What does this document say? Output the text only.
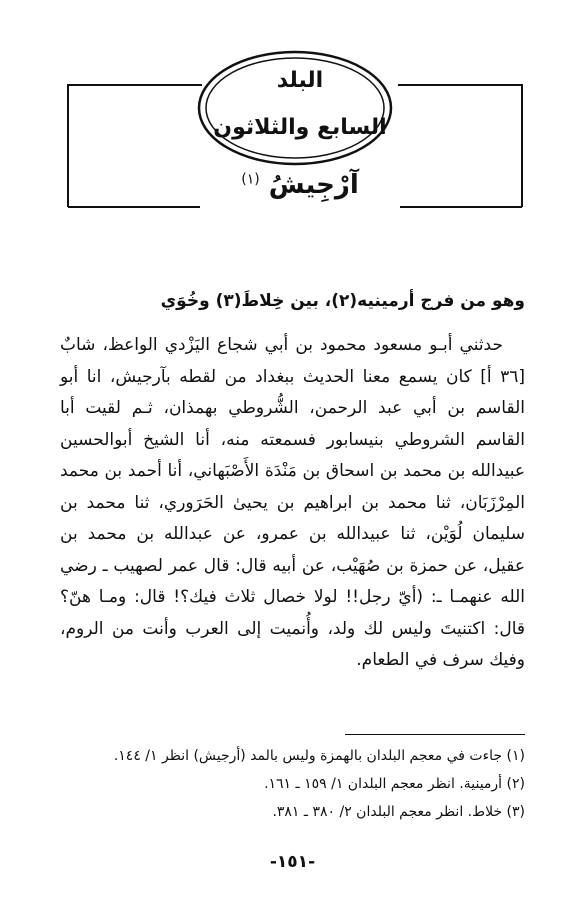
البلد
السابع والثلاثون
آرْجِيشُ $^{(١)}$

وهو من فرج أرمينيه(٢)، بين خِلاطَ(٣) وخُوَي

حدثني أبـو مسعود محمود بن أبي شجاع اليَزْدي الواعظ، شابٌ [٣٦ أ] كان يسمع معنا الحديث ببغداد من لقطه بآرجيش، انا أبو القاسم بن أبي عبد الرحمن، الشُّروطي بهمذان، ثـم لقيت أبا القاسم الشروطي بنيسابور فسمعته منه، أنا الشيخ أبوالحسين عبيدالله بن محمد بن اسحاق بن مَنْدَة الأَصْبَهاني، أنا أحمد بن محمد المِرْزَبَان، ثنا محمد بن ابراهيم بن يحيىٰ الحَرَوري، ثنا محمد بن سليمان لُوَيْن، ثنا عبيدالله بن عمرو، عن عبدالله بن محمد بن عقيل، عن حمزة بن صُهَيْب، عن أبيه قال: قال عمر لصهيب ـ رضي الله عنهمـا ـ: (أيّ رجل!! لولا خصال ثلاث فيك؟! قال: ومـا هنّ؟ قال: اكتنيتَ وليس لك ولد، وأُنميت إلى العرب وأنت من الروم، وفيك سرف في الطعام.

(١) جاءت في معجم البلدان بالهمزة وليس بالمد (أرجيش) انظر ١/ ١٤٤.
(٢) أرمينية. انظر معجم البلدان ١/ ١٥٩ ـ ١٦١.
(٣) خلاط. انظر معجم البلدان ٢/ ٣٨٠ ـ ٣٨١.
-١٥١-
